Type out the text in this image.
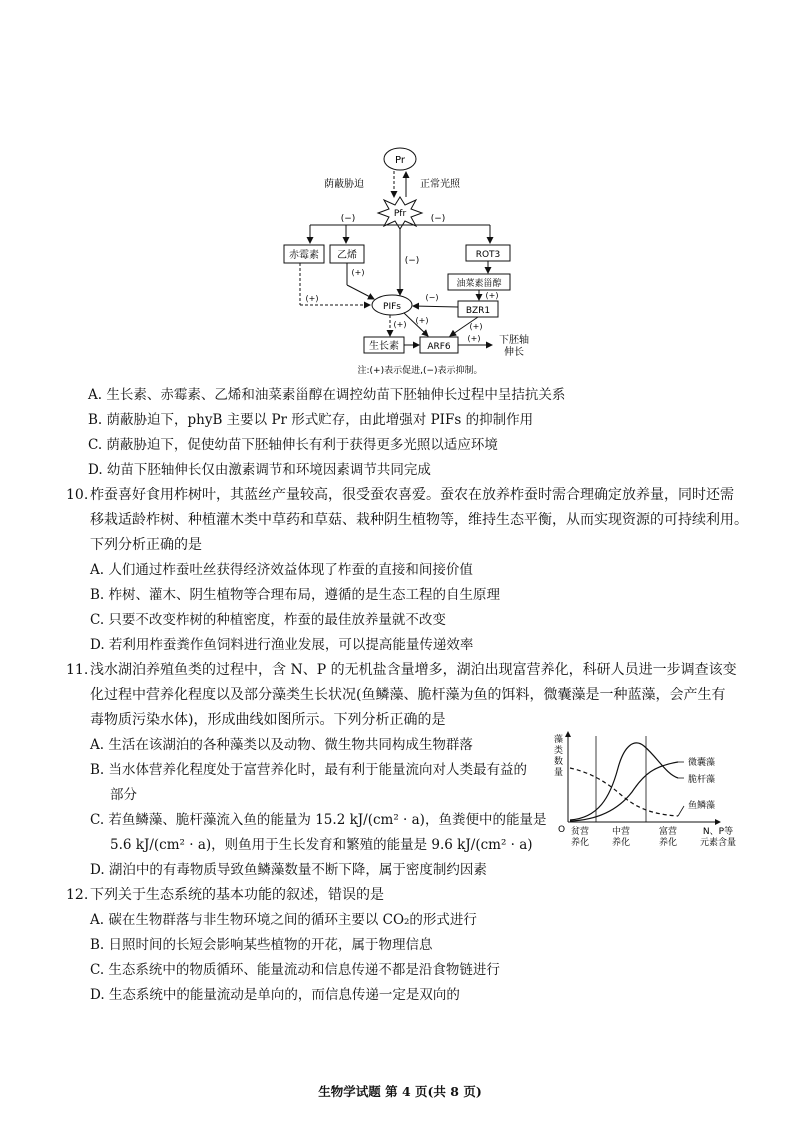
Pr
荫蔽胁迫	正常光照
Pfr
(−)	(−)
赤霉素 乙烯	(−)
ROT3
油菜素甾醇
(+)
BZR1
PIFs
(+)
(+)
(−)
生长素	ARF6
(+) (+)
(+)
(+) 下胚轴
伸长
注:(+)表示促进,(−)表示抑制。
A. 生长素、赤霉素、乙烯和油菜素甾醇在调控幼苗下胚轴伸长过程中呈拮抗关系
B. 荫蔽胁迫下，phyB 主要以 Pr 形式贮存，由此增强对 PIFs 的抑制作用
C. 荫蔽胁迫下，促使幼苗下胚轴伸长有利于获得更多光照以适应环境
D. 幼苗下胚轴伸长仅由激素调节和环境因素调节共同完成
10. 柞蚕喜好食用柞树叶，其蓝丝产量较高，很受蚕农喜爱。蚕农在放养柞蚕时需合理确定放养量，同时还需
移栽适龄柞树、种植灌木类中草药和草菇、栽种阴生植物等，维持生态平衡，从而实现资源的可持续利用。
下列分析正确的是
A. 人们通过柞蚕吐丝获得经济效益体现了柞蚕的直接和间接价值
B. 柞树、灌木、阴生植物等合理布局，遵循的是生态工程的自生原理
C. 只要不改变柞树的种植密度，柞蚕的最佳放养量就不改变
D. 若利用柞蚕粪作鱼饲料进行渔业发展，可以提高能量传递效率
11. 浅水湖泊养殖鱼类的过程中，含 N、P 的无机盐含量增多，湖泊出现富营养化，科研人员进一步调查该变
化过程中营养化程度以及部分藻类生长状况(鱼鳞藻、脆杆藻为鱼的饵料，微囊藻是一种蓝藻，会产生有
毒物质污染水体)，形成曲线如图所示。下列分析正确的是
A. 生活在该湖泊的各种藻类以及动物、微生物共同构成生物群落
B. 当水体营养化程度处于富营养化时，最有利于能量流向对人类最有益的
部分
C. 若鱼鳞藻、脆杆藻流入鱼的能量为 15.2 kJ/(cm² · a)，鱼粪便中的能量是
5.6 kJ/(cm² · a)，则鱼用于生长发育和繁殖的能量是 9.6 kJ/(cm² · a)
D. 湖泊中的有毒物质导致鱼鳞藻数量不断下降，属于密度制约因素
藻
类
数
量
O
微囊藻
脆杆藻
鱼鳞藻
贫营
养化
中营
养化
富营
养化
N、P等
元素含量
12. 下列关于生态系统的基本功能的叙述，错误的是
A. 碳在生物群落与非生物环境之间的循环主要以 CO₂的形式进行
B. 日照时间的长短会影响某些植物的开花，属于物理信息
C. 生态系统中的物质循环、能量流动和信息传递不都是沿食物链进行
D. 生态系统中的能量流动是单向的，而信息传递一定是双向的
生物学试题 第 4 页(共 8 页)
